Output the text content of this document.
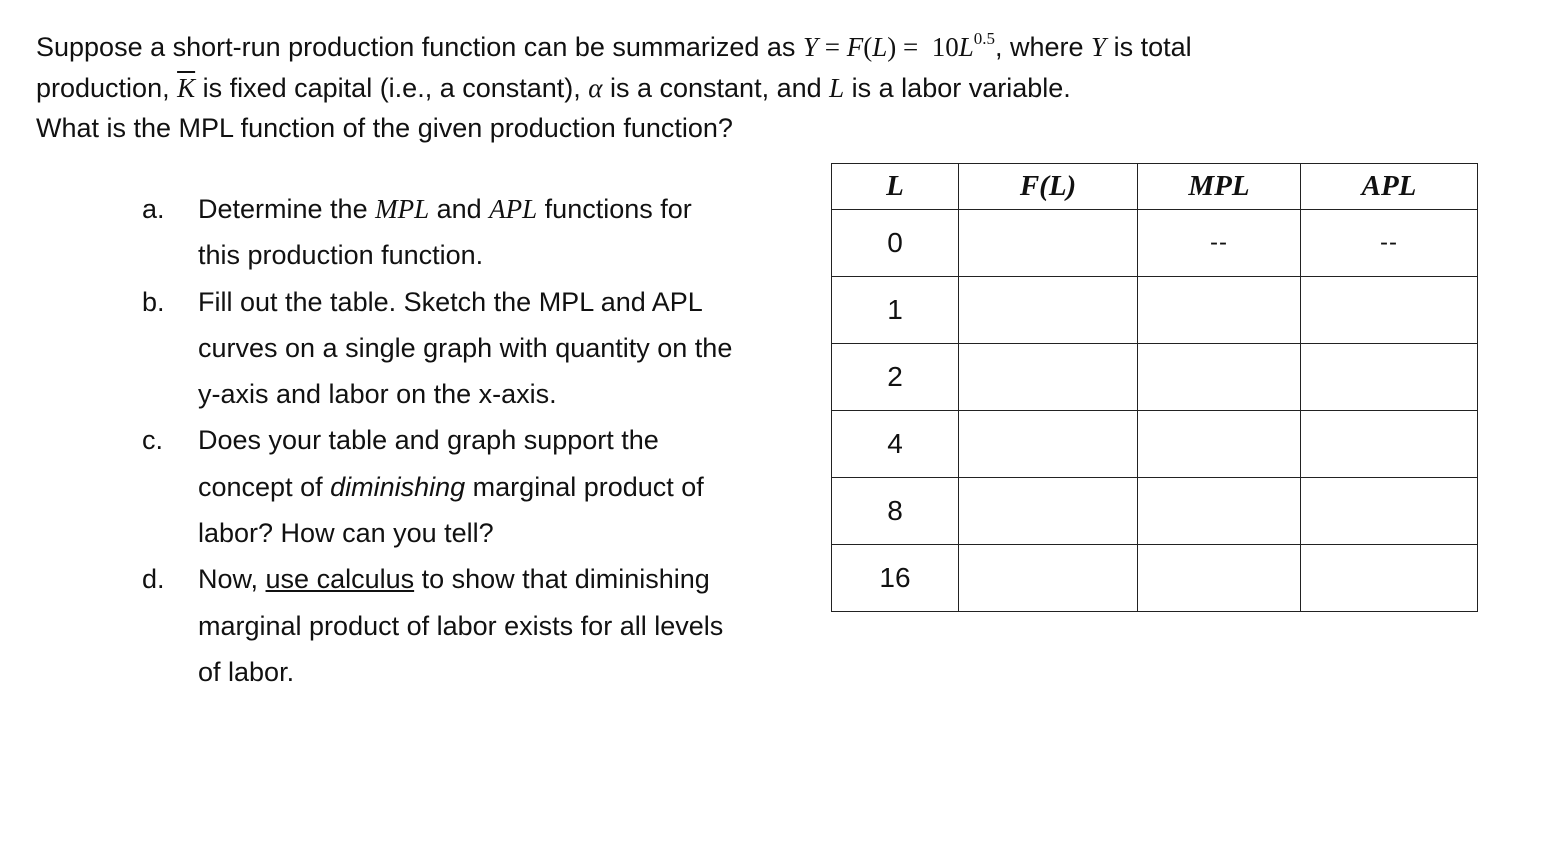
Suppose a short-run production function can be summarized as $Y = F(L) = 10L^{0.5}$, where Y is total
production, $\overline{K}$ is fixed capital (i.e., a constant), α is a constant, and L is a labor variable.
What is the MPL function of the given production function?
a. Determine the MPL and APL functions for
this production function.
b. Fill out the table. Sketch the MPL and APL
curves on a single graph with quantity on the
y-axis and labor on the x-axis.
c. Does your table and graph support the
concept of diminishing marginal product of
labor? How can you tell?
d. Now, use calculus to show that diminishing
marginal product of labor exists for all levels
of labor.
L	F(L)	MPL	APL
0		--	--
1			
2			
4			
8			
16			
